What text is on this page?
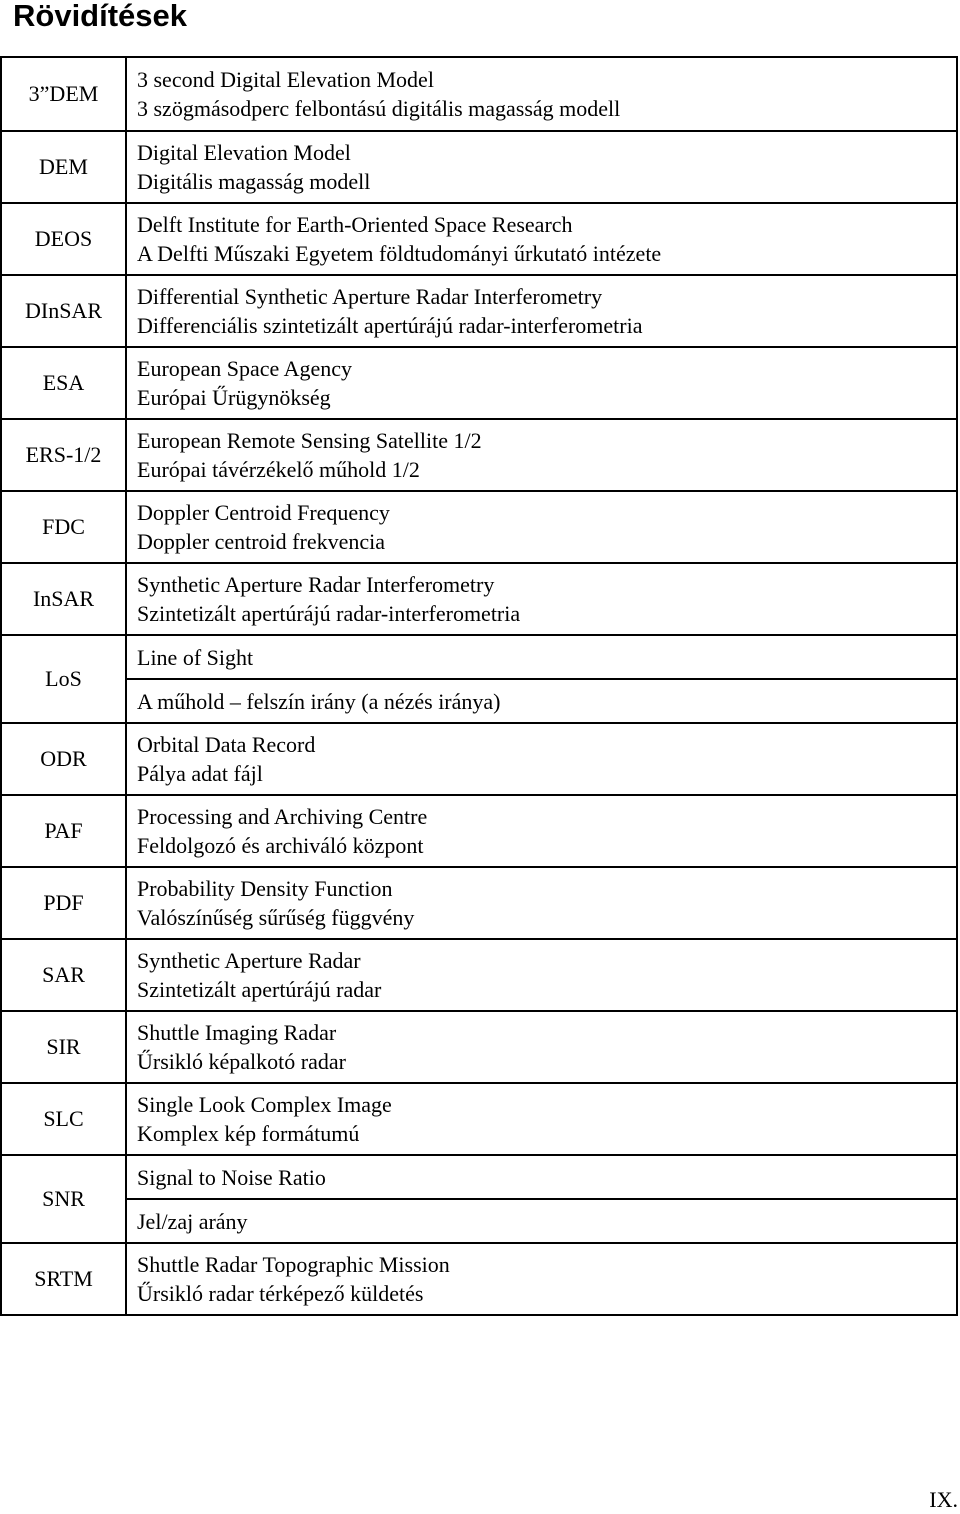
Rövidítések
3”DEM
3 second Digital Elevation Model
3 szögmásodperc felbontású digitális magasság modell
DEM
Digital Elevation Model
Digitális magasság modell
DEOS
Delft Institute for Earth-Oriented Space Research
A Delfti Műszaki Egyetem földtudományi űrkutató intézete
DInSAR
Differential Synthetic Aperture Radar Interferometry
Differenciális szintetizált apertúrájú radar-interferometria
ESA
European Space Agency
Európai Űrügynökség
ERS-1/2
European Remote Sensing Satellite 1/2
Európai távérzékelő műhold 1/2
FDC
Doppler Centroid Frequency
Doppler centroid frekvencia
InSAR
Synthetic Aperture Radar Interferometry
Szintetizált apertúrájú radar-interferometria
LoS
Line of Sight
A műhold – felszín irány (a nézés iránya)
ODR
Orbital Data Record
Pálya adat fájl
PAF
Processing and Archiving Centre
Feldolgozó és archiváló központ
PDF
Probability Density Function
Valószínűség sűrűség függvény
SAR
Synthetic Aperture Radar
Szintetizált apertúrájú radar
SIR
Shuttle Imaging Radar
Űrsikló képalkotó radar
SLC
Single Look Complex Image
Komplex kép formátumú
SNR
Signal to Noise Ratio
Jel/zaj arány
SRTM
Shuttle Radar Topographic Mission
Űrsikló radar térképező küldetés
IX.
